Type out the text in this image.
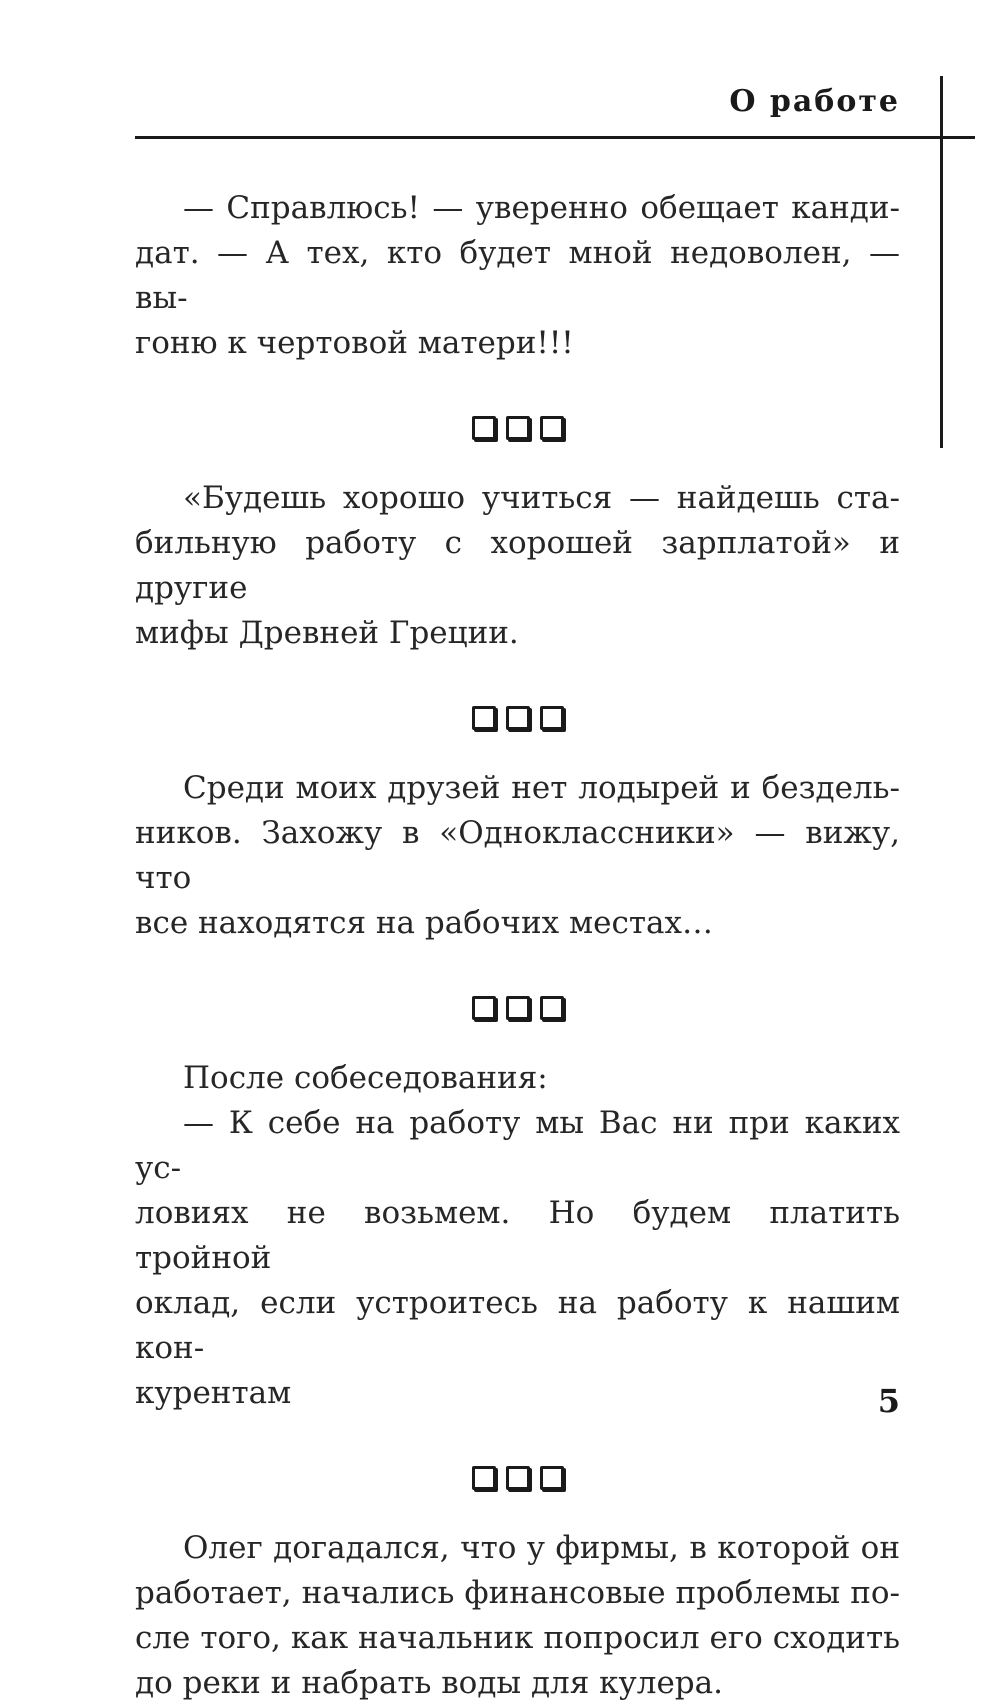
О работе
— Справлюсь! — уверенно обещает канди-
дат. — А тех, кто будет мной недоволен, — вы-
гоню к чертовой матери!!!
«Будешь хорошо учиться — найдешь ста-
бильную работу с хорошей зарплатой» и другие
мифы Древней Греции.
Среди моих друзей нет лодырей и бездель-
ников. Захожу в «Одноклассники» — вижу, что
все находятся на рабочих местах…
После собеседования:
— К себе на работу мы Вас ни при каких ус-
ловиях не возьмем. Но будем платить тройной
оклад, если устроитесь на работу к нашим кон-
курентам
Олег догадался, что у фирмы, в которой он
работает, начались финансовые проблемы по-
сле того, как начальник попросил его сходить
до реки и набрать воды для кулера.
5
